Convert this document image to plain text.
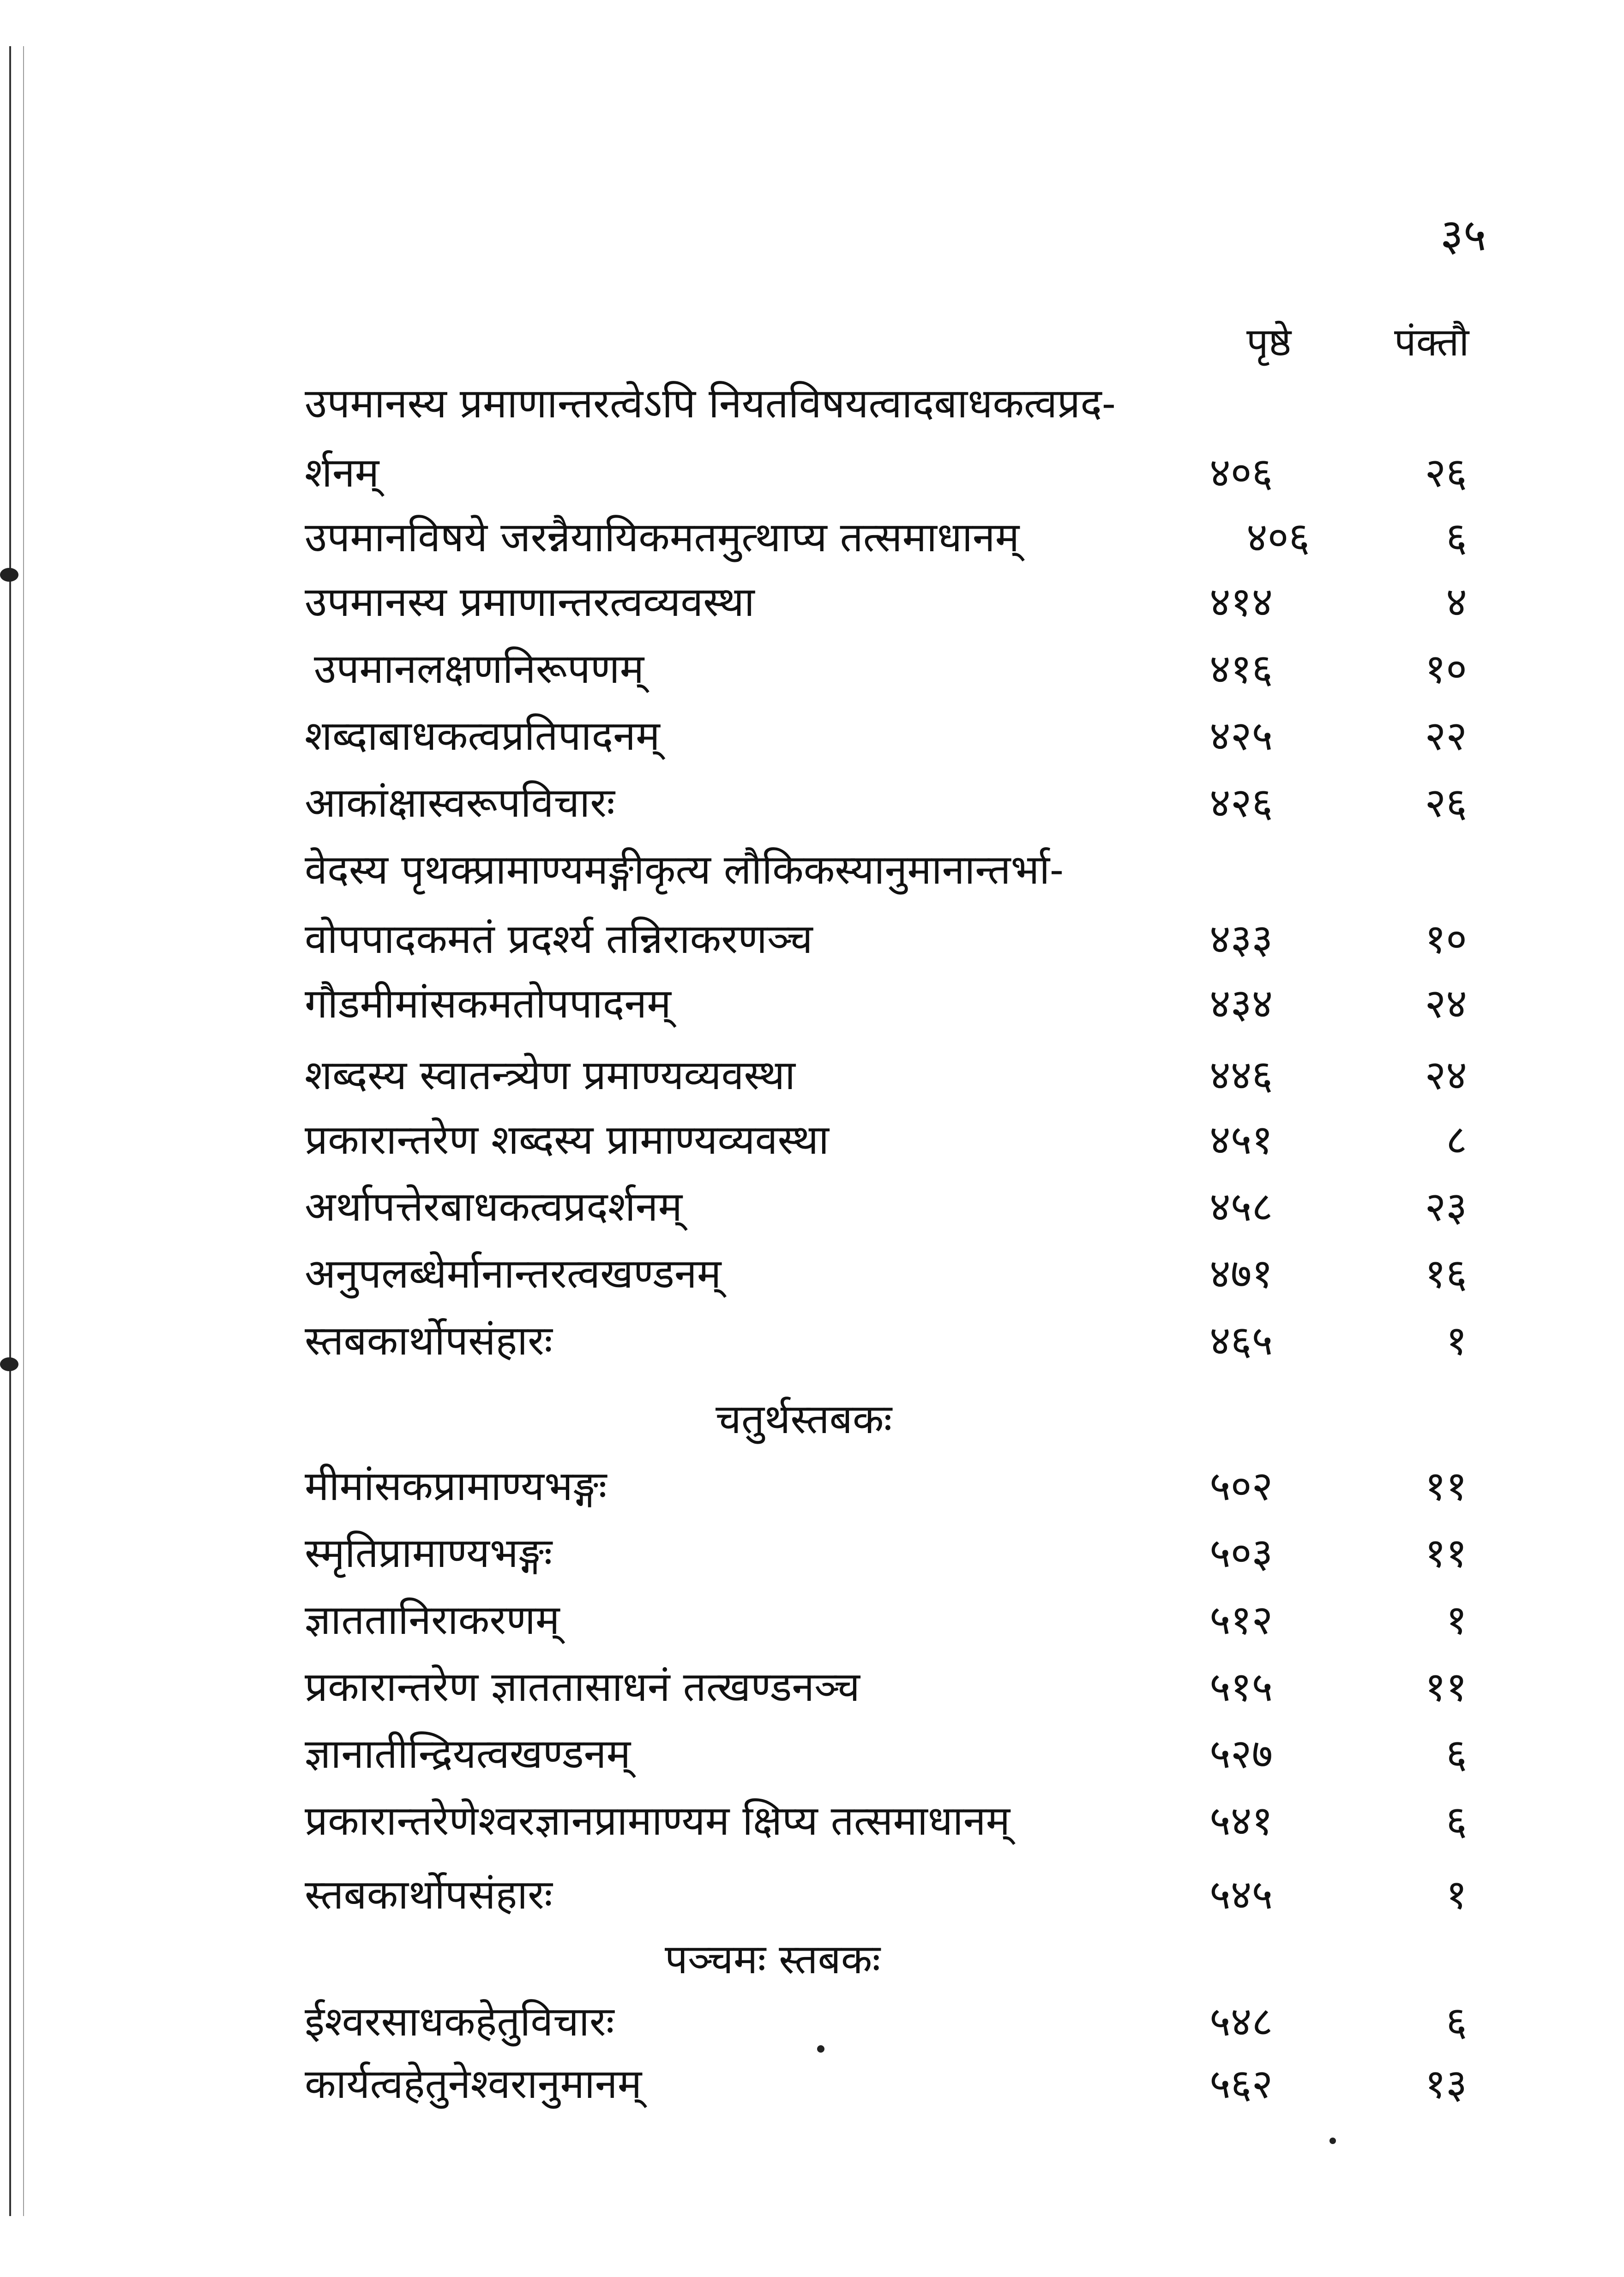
३५
पृष्ठे	पंक्तौ
उपमानस्य प्रमाणान्तरत्वेऽपि नियतविषयत्वादबाधकत्वप्रद-
र्शनम्	४०६	२६
उपमानविषये जरन्नैयायिकमतमुत्थाप्य तत्समाधानम्	४०६	६
उपमानस्य प्रमाणान्तरत्वव्यवस्था	४१४	४
उपमानलक्षणनिरूपणम्	४१६	१०
शब्दाबाधकत्वप्रतिपादनम्	४२५	२२
आकांक्षास्वरूपविचारः	४२६	२६
वेदस्य पृथक्प्रामाण्यमङ्गीकृत्य लौकिकस्यानुमानान्तर्भा-
वोपपादकमतं प्रदर्श्य तन्निराकरणञ्च	४३३	१०
गौडमीमांसकमतोपपादनम्	४३४	२४
शब्दस्य स्वातन्त्र्येण प्रमाण्यव्यवस्था	४४६	२४
प्रकारान्तरेण शब्दस्य प्रामाण्यव्यवस्था	४५१	८
अर्थापत्तेरबाधकत्वप्रदर्शनम्	४५८	२३
अनुपलब्धेर्मानान्तरत्वखण्डनम्	४७१	१६
स्तबकार्थोपसंहारः	४६५	१
चतुर्थस्तबकः
मीमांसकप्रामाण्यभङ्गः	५०२	११
स्मृतिप्रामाण्यभङ्गः	५०३	११
ज्ञाततानिराकरणम्	५१२	१
प्रकारान्तरेण ज्ञाततासाधनं तत्खण्डनञ्च	५१५	११
ज्ञानातीन्द्रियत्वखण्डनम्	५२७	६
प्रकारान्तरेणेश्वरज्ञानप्रामाण्यम क्षिप्य तत्समाधानम्	५४१	६
स्तबकार्थोपसंहारः	५४५	१
पञ्चमः स्तबकः
ईश्वरसाधकहेतुविचारः	५४८	६
कार्यत्वहेतुनेश्वरानुमानम्	५६२	१३
